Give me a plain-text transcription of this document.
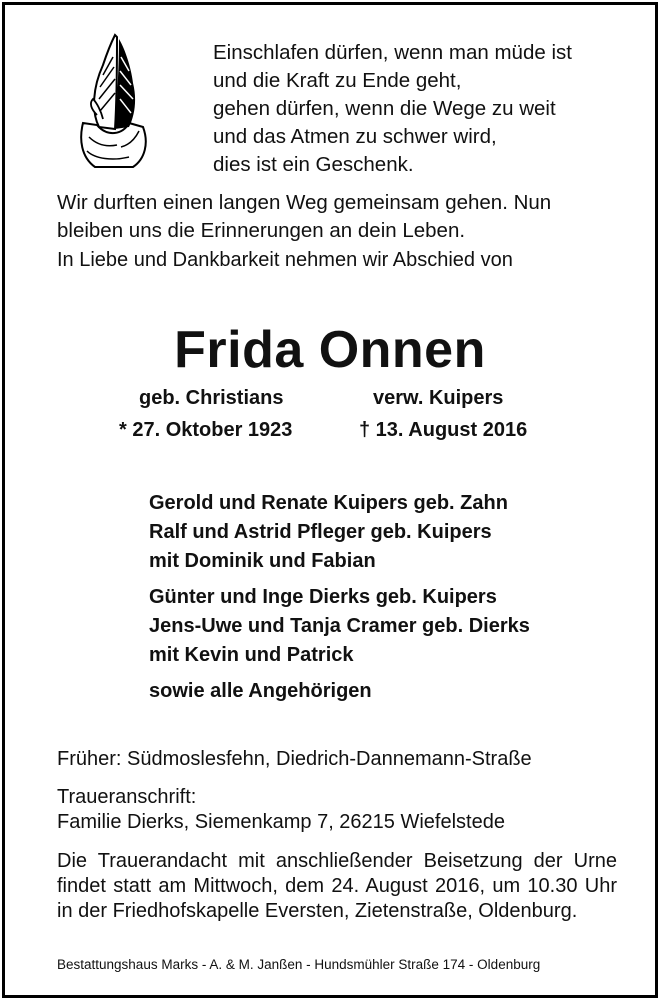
Einschlafen dürfen, wenn man müde ist
und die Kraft zu Ende geht,
gehen dürfen, wenn die Wege zu weit
und das Atmen zu schwer wird,
dies ist ein Geschenk.
Wir durften einen langen Weg gemeinsam gehen. Nun
bleiben uns die Erinnerungen an dein Leben.
In Liebe und Dankbarkeit nehmen wir Abschied von
Frida Onnen
geb. Christians	verw. Kuipers
* 27. Oktober 1923	† 13. August 2016
Gerold und Renate Kuipers geb. Zahn
Ralf und Astrid Pfleger geb. Kuipers
mit Dominik und Fabian
Günter und Inge Dierks geb. Kuipers
Jens-Uwe und Tanja Cramer geb. Dierks
mit Kevin und Patrick
sowie alle Angehörigen
Früher: Südmoslesfehn, Diedrich-Dannemann-Straße
Traueranschrift:
Familie Dierks, Siemenkamp 7, 26215 Wiefelstede
Die Trauerandacht mit anschließender Beisetzung der Urne findet statt am Mittwoch, dem 24. August 2016, um 10.30 Uhr in der Friedhofskapelle Eversten, Zietenstraße, Oldenburg.
Bestattungshaus Marks - A. & M. Janßen - Hundsmühler Straße 174 - Oldenburg
